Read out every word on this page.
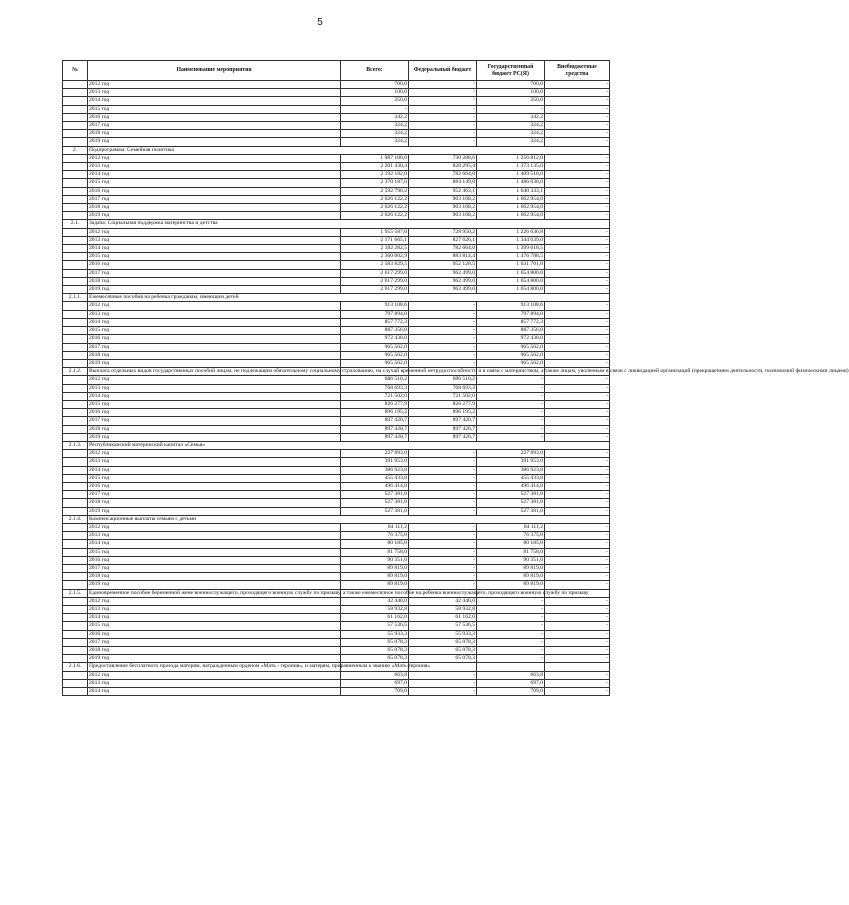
5
№	Наименование мероприятия	Всего:	Федеральный бюджет	Государственный бюджет РС(Я)	Внебюджетные средства
	2012 год	700,0	-	700,0	-
	2013 год	100,0	-	100,0	-
	2014 год	350,0	-	350,0	-
	2015 год	-	-	-	-
	2016 год	342,2	-	342,2	-
	2017 год	324,2	-	324,2	-
	2018 год	324,2	-	324,2	-
	2019 год	324,2	-	324,2	-
2.	Подпрограмма: Семейная политика				
	2012 год	1 987 100,6	730 288,6	1 256 812,0	-
	2013 год	2 201 430,4	828 295,4	1 373 135,0	-
	2014 год	2 192 182,0	782 664,0	1 409 518,0	-
	2015 год	2 370 187,0	884 149,0	1 486 038,0	-
	2016 год	2 592 796,2	952 463,1	1 640 333,1	-
	2017 год	2 626 122,2	963 168,2	1 662 954,0	-
	2018 год	2 626 122,2	963 168,2	1 662 954,0	-
	2019 год	2 626 122,2	963 168,2	1 662 954,0	-
2.1.	Задача: Социальная поддержка материнства и детства				
	2012 год	1 955 587,0	728 950,2	1 226 636,8	-
	2013 год	2 171 665,1	827 626,1	1 344 039,0	-
	2014 год	2 182 282,5	782 664,0	1 399 618,5	-
	2015 год	2 360 602,9	883 814,4	1 476 788,5	-
	2016 год	2 583 829,5	952 128,5	1 631 701,0	-
	2017 год	2 617 299,0	962 499,0	1 654 800,0	-
	2018 год	2 617 299,0	962 499,0	1 654 800,0	-
	2019 год	2 617 299,0	962 499,0	1 654 800,0	-
2.1.1.	Ежемесячные пособия на ребенка гражданам, имеющим детей				
	2012 год	913 108,6	-	913 108,6	-
	2013 год	797 894,0	-	797 894,0	-
	2014 год	857 772,3	-	857 772,3	-
	2015 год	887 356,0	-	887 356,0	-
	2016 год	972 438,0	-	972 438,0	-
	2017 год	965 562,0	-	965 562,0	-
	2018 год	965 562,0	-	965 562,0	-
	2019 год	965 562,0	-	965 562,0	-
2.1.2.	Выплата отдельных видов государственных пособий лицам, не подлежащим обязательному социальному страхованию, на случай временной нетрудоспособности и в связи с материнством, а также лицам, уволенным в связи с ликвидацией организаций (прекращением деятельности, полномочий физическими лицами)				
	2012 год	686 510,2	686 510,2	-	-
	2013 год	768 693,3	768 693,3	-	-
	2014 год	721 502,0	721 502,0	-	-
	2015 год	826 277,9	826 277,9	-	-
	2016 год	896 195,2	896 195,2	-	-
	2017 год	897 420,7	897 420,7	-	-
	2018 год	897 420,7	897 420,7	-	-
	2019 год	897 420,7	897 420,7	-	-
2.1.3.	Республиканский материнский капитал «Семья»				
	2012 год	227 893,0	-	227 893,0	-
	2013 год	391 953,0	-	391 953,0	-
	2014 год	386 923,0	-	386 923,0	-
	2015 год	455 433,0	-	455 433,0	-
	2016 год	496 414,0	-	496 414,0	-
	2017 год	527 381,0	-	527 381,0	-
	2018 год	527 381,0	-	527 381,0	-
	2019 год	527 381,0	-	527 381,0	-
2.1.4.	Компенсационные выплаты семьям с детьми				
	2012 год	84 111,2	-	84 111,2	-
	2013 год	76 375,0	-	76 375,0	-
	2014 год	80 185,0	-	80 185,0	-
	2015 год	81 758,0	-	81 758,0	-
	2016 год	90 351,0	-	90 351,0	-
	2017 год	89 819,0	-	89 819,0	-
	2018 год	89 819,0	-	89 819,0	-
	2019 год	89 819,0	-	89 819,0	-
2.1.5.	Единовременное пособие беременной жене военнослужащего, проходящего военную службу по призыву, а также ежемесячное пособие на ребенка военнослужащего, проходящего военную службу по призыву				
	2012 год	42 440,0	42 440,0	-	-
	2013 год	58 932,8	58 932,8	-	-
	2014 год	61 162,0	61 162,0	-	-
	2015 год	57 536,5	57 536,5	-	-
	2016 год	55 933,3	55 933,3	-	-
	2017 год	65 078,3	65 078,3	-	-
	2018 год	65 078,3	65 078,3	-	-
	2019 год	65 078,3	65 078,3	-	-
2.1.6.	Предоставление бесплатного проезда матерям, награжденным орденом «Мать - героиня», и матерям, приравненным к званию «Мать-героиня»				
	2012 год	663,8	-	663,8	-
	2013 год	697,0	-	697,0	-
	2014 год	709,0	-	709,0	-
